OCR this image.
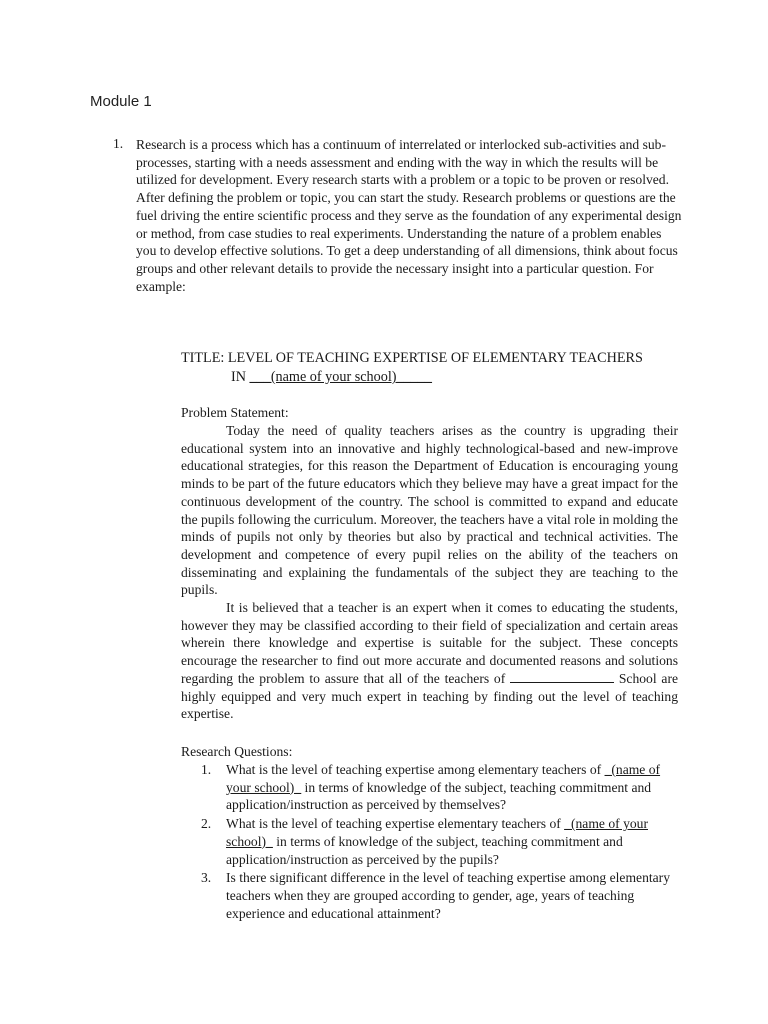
Module 1
1. Research is a process which has a continuum of interrelated or interlocked sub-activities and sub-processes, starting with a needs assessment and ending with the way in which the results will be utilized for development. Every research starts with a problem or a topic to be proven or resolved. After defining the problem or topic, you can start the study. Research problems or questions are the fuel driving the entire scientific process and they serve as the foundation of any experimental design or method, from case studies to real experiments. Understanding the nature of a problem enables you to develop effective solutions. To get a deep understanding of all dimensions, think about focus groups and other relevant details to provide the necessary insight into a particular question. For example:
TITLE: LEVEL OF TEACHING EXPERTISE OF ELEMENTARY TEACHERS
IN ___(name of your school)_____
Problem Statement:

Today the need of quality teachers arises as the country is upgrading their educational system into an innovative and highly technological-based and new-improve educational strategies, for this reason the Department of Education is encouraging young minds to be part of the future educators which they believe may have a great impact for the continuous development of the country. The school is committed to expand and educate the pupils following the curriculum. Moreover, the teachers have a vital role in molding the minds of pupils not only by theories but also by practical and technical activities. The development and competence of every pupil relies on the ability of the teachers on disseminating and explaining the fundamentals of the subject they are teaching to the pupils.

It is believed that a teacher is an expert when it comes to educating the students, however they may be classified according to their field of specialization and certain areas wherein there knowledge and expertise is suitable for the subject. These concepts encourage the researcher to find out more accurate and documented reasons and solutions regarding the problem to assure that all of the teachers of	School are highly equipped and very much expert in teaching by finding out the level of teaching expertise.

Research Questions:
1. What is the level of teaching expertise among elementary teachers of _(name of your school)_ in terms of knowledge of the subject, teaching commitment and application/instruction as perceived by themselves?
2. What is the level of teaching expertise elementary teachers of _(name of your school)_ in terms of knowledge of the subject, teaching commitment and application/instruction as perceived by the pupils?
3. Is there significant difference in the level of teaching expertise among elementary teachers when they are grouped according to gender, age, years of teaching experience and educational attainment?
